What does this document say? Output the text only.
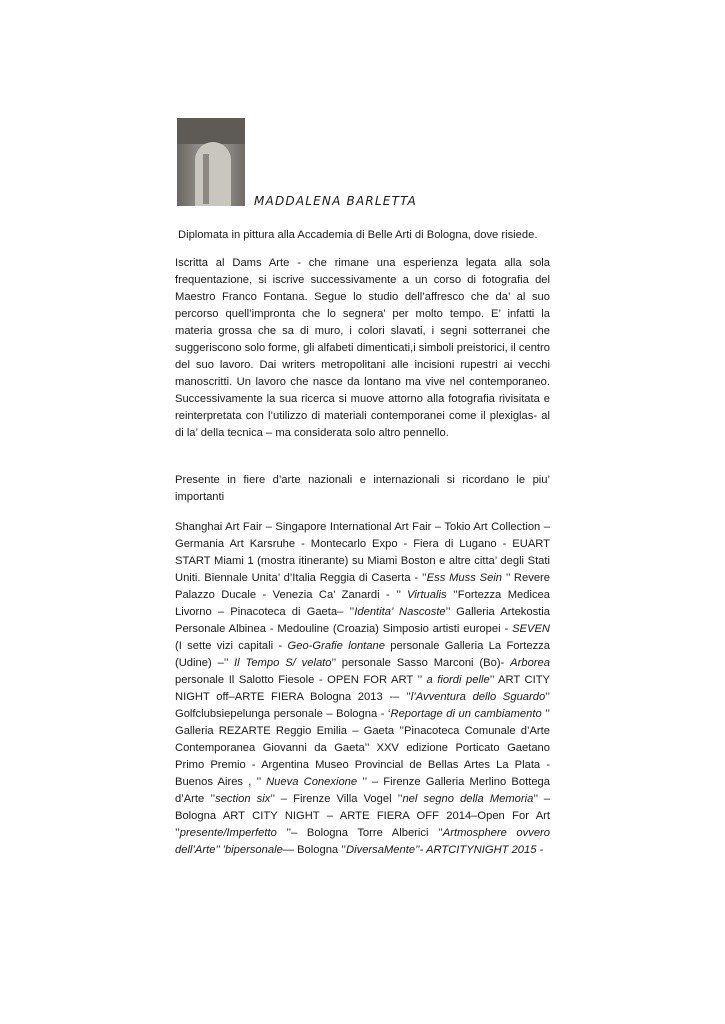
MADDALENA BARLETTA

Diplomata in pittura alla Accademia di Belle Arti di Bologna, dove risiede.

Iscritta al Dams Arte - che rimane una esperienza legata alla sola frequentazione, si iscrive successivamente a un corso di fotografia del Maestro Franco Fontana. Segue lo studio dell’affresco che da’ al suo percorso quell’impronta che lo segnera’ per molto tempo. E’ infatti la materia grossa che sa di muro, i colori slavati, i segni sotterranei che suggeriscono solo forme, gli alfabeti dimenticati,i simboli preistorici, il centro del suo lavoro. Dai writers metropolitani alle incisioni rupestri ai vecchi manoscritti. Un lavoro che nasce da lontano ma vive nel contemporaneo. Successivamente la sua ricerca si muove attorno alla fotografia rivisitata e reinterpretata con l’utilizzo di materiali contemporanei come il plexiglas- al di la’ della tecnica – ma considerata solo altro pennello.

Presente in fiere d’arte nazionali e internazionali si ricordano le piu’ importanti

Shanghai Art Fair – Singapore International Art Fair – Tokio Art Collection – Germania Art Karsruhe - Montecarlo Expo - Fiera di Lugano - EUART START Miami 1 (mostra itinerante) su Miami Boston e altre citta’ degli Stati Uniti. Biennale Unita’ d’Italia Reggia di Caserta - ’’Ess Muss Sein ’’ Revere Palazzo Ducale - Venezia Ca’ Zanardi - ’’ Virtualis ’’Fortezza Medicea Livorno – Pinacoteca di Gaeta– ’’Identita’ Nascoste’’ Galleria Artekostia Personale Albinea - Medouline (Croazia) Simposio artisti europei - SEVEN (I sette vizi capitali - Geo-Grafie lontane personale Galleria La Fortezza (Udine) –’’ Il Tempo S/ velato’’ personale Sasso Marconi (Bo)- Arborea personale Il Salotto Fiesole - OPEN FOR ART ’’ a fiordi pelle’’ ART CITY NIGHT off–ARTE FIERA Bologna 2013 -– ’’l’Avventura dello Sguardo’’ Golfclubsiepelunga personale – Bologna - ‘Reportage di un cambiamento ’’ Galleria REZARTE Reggio Emilia – Gaeta ’’Pinacoteca Comunale d’Arte Contemporanea Giovanni da Gaeta’’ XXV edizione Porticato Gaetano Primo Premio - Argentina Museo Provincial de Bellas Artes La Plata - Buenos Aires , ’’ Nueva Conexione ’’ – Firenze Galleria Merlino Bottega d’Arte ’’section six’’ – Firenze Villa Vogel ’’nel segno della Memoria’’ – Bologna ART CITY NIGHT – ARTE FIERA OFF 2014–Open For Art ’’presente/Imperfetto ’’– Bologna Torre Alberici ’’Artmosphere ovvero dell’Arte’’ ’bipersonale— Bologna ’’DiversaMente’’- ARTCITYNIGHT 2015 -
